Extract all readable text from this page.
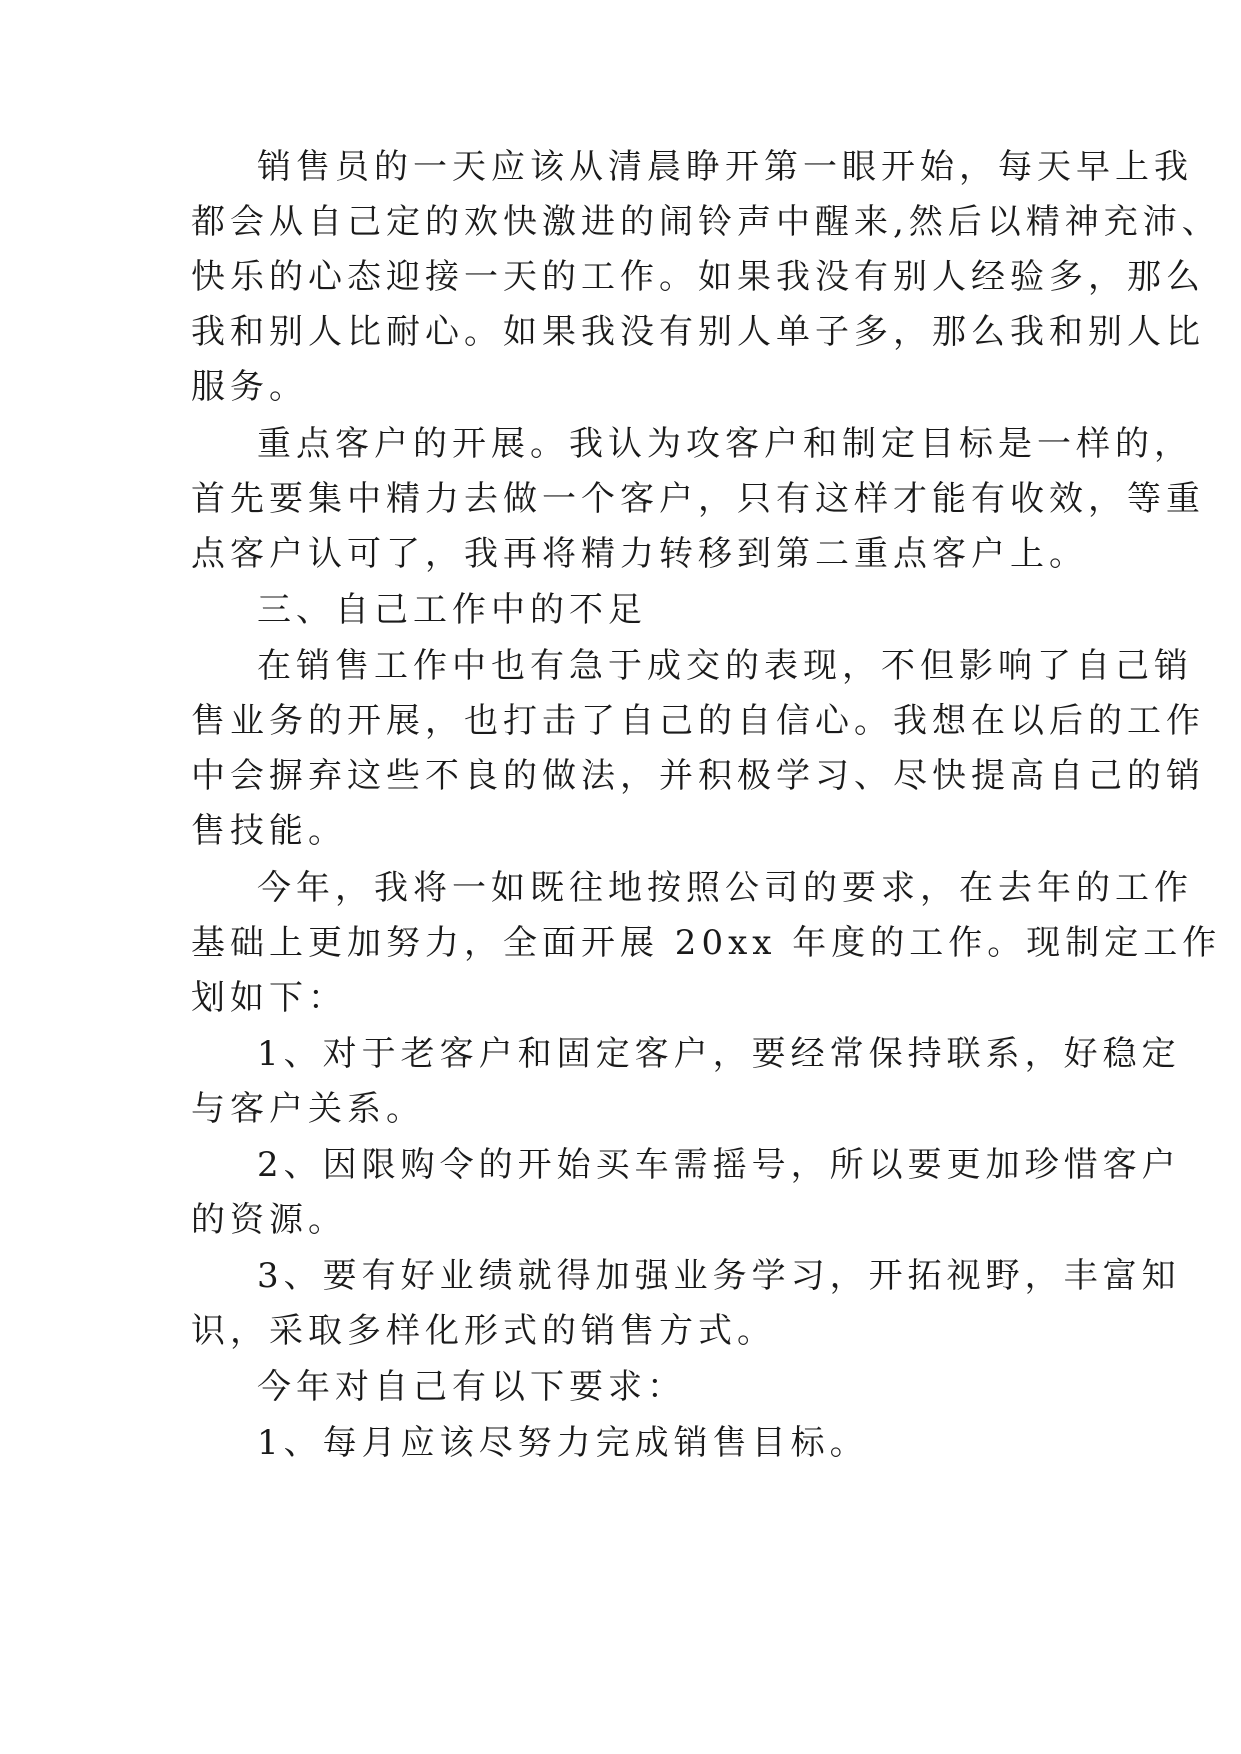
销售员的一天应该从清晨睁开第一眼开始，每天早上我

都会从自己定的欢快激进的闹铃声中醒来,然后以精神充沛、

快乐的心态迎接一天的工作。如果我没有别人经验多，那么

我和别人比耐心。如果我没有别人单子多，那么我和别人比

服务。

重点客户的开展。我认为攻客户和制定目标是一样的，

首先要集中精力去做一个客户，只有这样才能有收效，等重

点客户认可了，我再将精力转移到第二重点客户上。

三、自己工作中的不足

在销售工作中也有急于成交的表现，不但影响了自己销

售业务的开展，也打击了自己的自信心。我想在以后的工作

中会摒弃这些不良的做法，并积极学习、尽快提高自己的销

售技能。

今年，我将一如既往地按照公司的要求，在去年的工作

基础上更加努力，全面开展 20xx 年度的工作。现制定工作

划如下：

1、对于老客户和固定客户，要经常保持联系，好稳定

与客户关系。

2、因限购令的开始买车需摇号，所以要更加珍惜客户

的资源。

3、要有好业绩就得加强业务学习，开拓视野，丰富知

识，采取多样化形式的销售方式。

今年对自己有以下要求：

1、每月应该尽努力完成销售目标。
